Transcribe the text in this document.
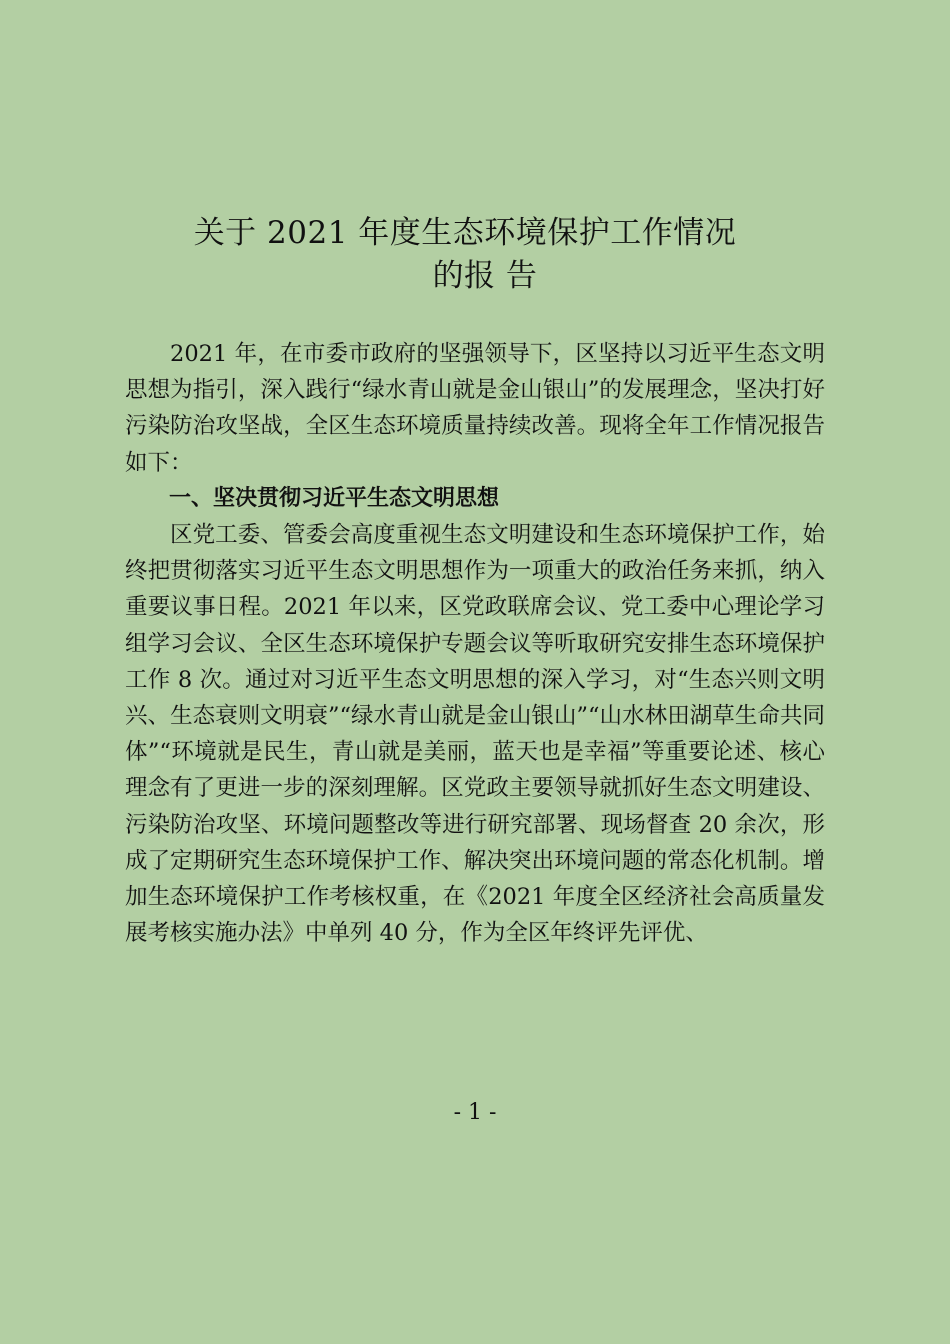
关于 2021 年度生态环境保护工作情况
的报 告

2021 年，在市委市政府的坚强领导下，区坚持以习近平生态文明思想为指引，深入践行“绿水青山就是金山银山”的发展理念，坚决打好污染防治攻坚战，全区生态环境质量持续改善。现将全年工作情况报告如下：

一、坚决贯彻习近平生态文明思想

区党工委、管委会高度重视生态文明建设和生态环境保护工作，始终把贯彻落实习近平生态文明思想作为一项重大的政治任务来抓，纳入重要议事日程。2021 年以来，区党政联席会议、党工委中心理论学习组学习会议、全区生态环境保护专题会议等听取研究安排生态环境保护工作 8 次。通过对习近平生态文明思想的深入学习，对“生态兴则文明兴、生态衰则文明衰”“绿水青山就是金山银山”“山水林田湖草生命共同体”“环境就是民生，青山就是美丽，蓝天也是幸福”等重要论述、核心理念有了更进一步的深刻理解。区党政主要领导就抓好生态文明建设、污染防治攻坚、环境问题整改等进行研究部署、现场督查 20 余次，形成了定期研究生态环境保护工作、解决突出环境问题的常态化机制。增加生态环境保护工作考核权重，在《2021 年度全区经济社会高质量发展考核实施办法》中单列 40 分，作为全区年终评先评优、

- 1 -
